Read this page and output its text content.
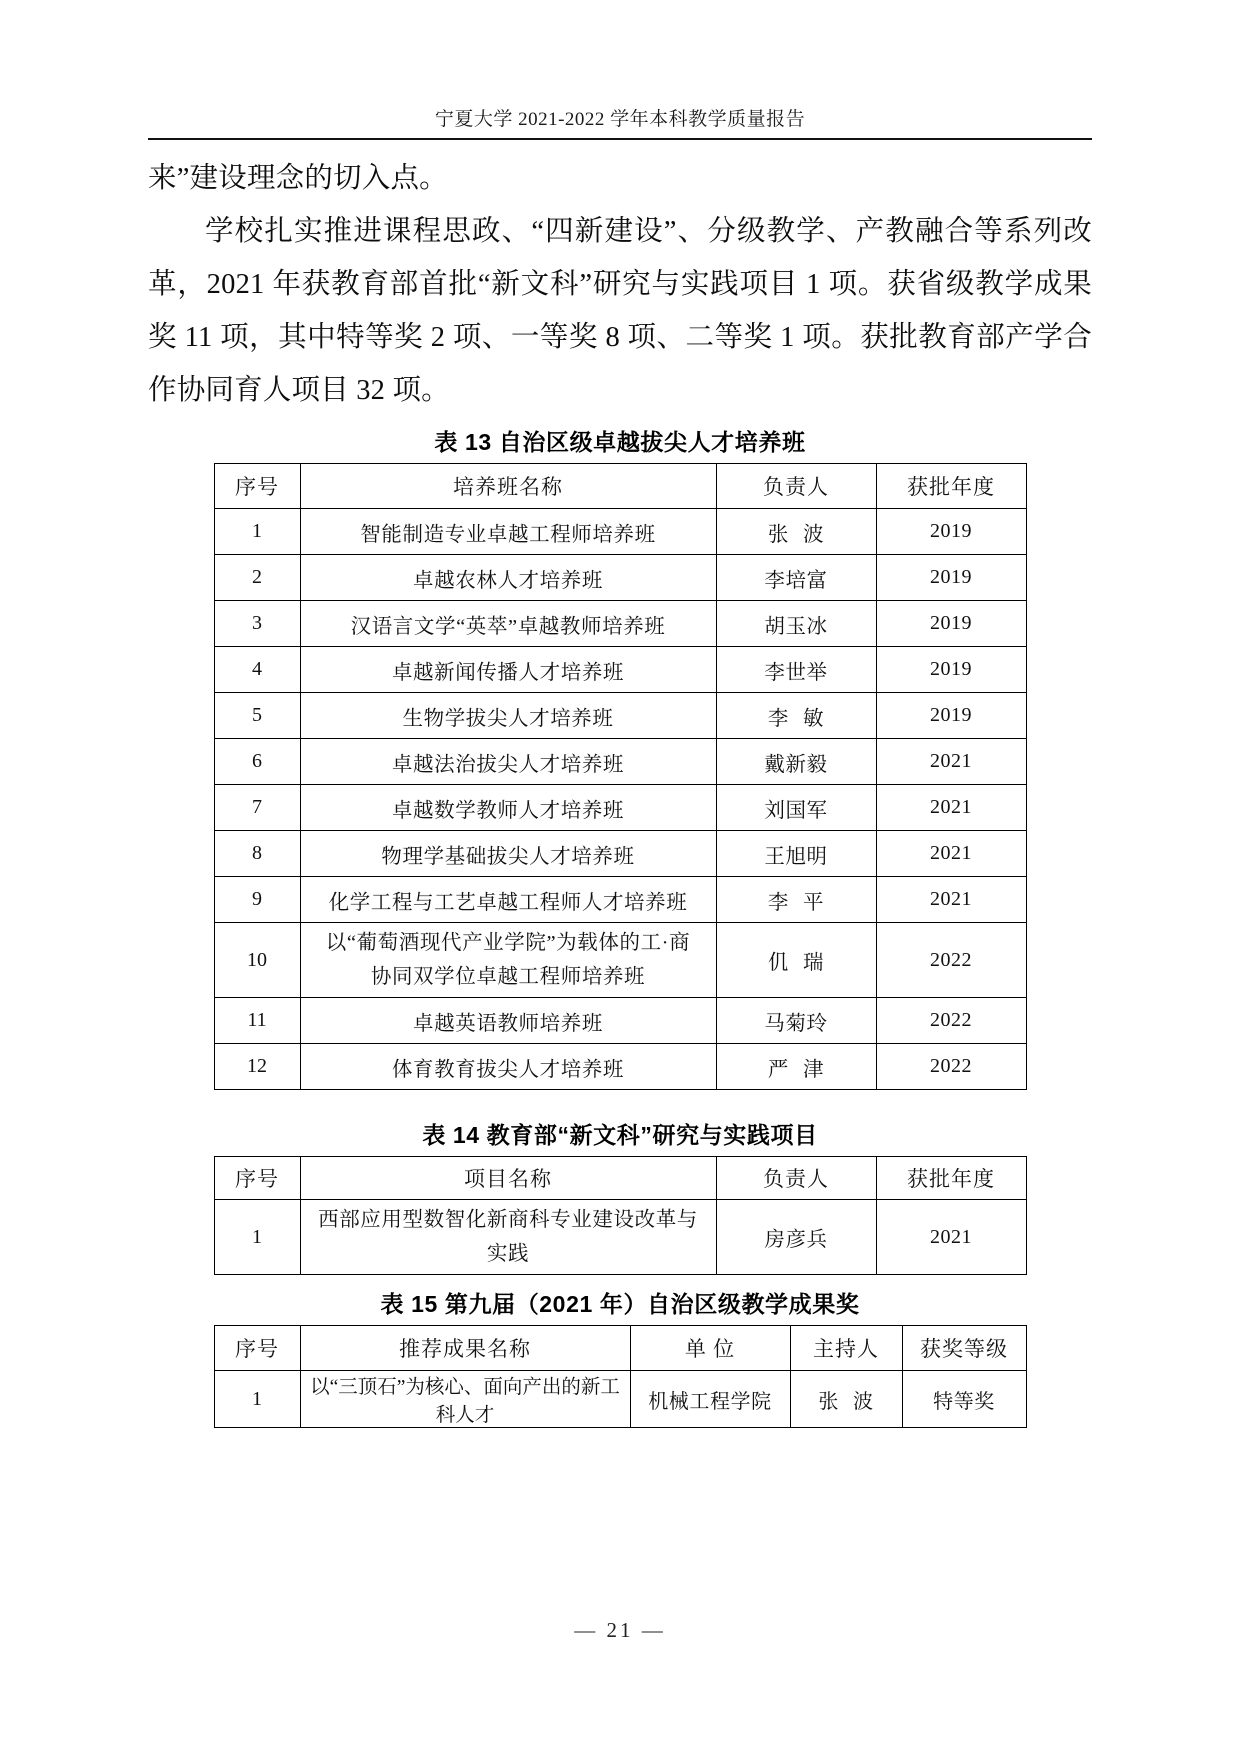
宁夏大学 2021-2022 学年本科教学质量报告

来”建设理念的切入点。

学校扎实推进课程思政、“四新建设”、分级教学、产教融合等系列改革，2021 年获教育部首批“新文科”研究与实践项目 1 项。获省级教学成果奖 11 项，其中特等奖 2 项、一等奖 8 项、二等奖 1 项。获批教育部产学合作协同育人项目 32 项。

表 13 自治区级卓越拔尖人才培养班
序号	培养班名称	负责人	获批年度
1	智能制造专业卓越工程师培养班	张 波	2019
2	卓越农林人才培养班	李培富	2019
3	汉语言文学“英萃”卓越教师培养班	胡玉冰	2019
4	卓越新闻传播人才培养班	李世举	2019
5	生物学拔尖人才培养班	李 敏	2019
6	卓越法治拔尖人才培养班	戴新毅	2021
7	卓越数学教师人才培养班	刘国军	2021
8	物理学基础拔尖人才培养班	王旭明	2021
9	化学工程与工艺卓越工程师人才培养班	李 平	2021
10	以“葡萄酒现代产业学院”为载体的工·商
协同双学位卓越工程师培养班	仉 瑞	2022
11	卓越英语教师培养班	马菊玲	2022
12	体育教育拔尖人才培养班	严 津	2022
表 14 教育部“新文科”研究与实践项目
序号	项目名称	负责人	获批年度
1	西部应用型数智化新商科专业建设改革与
实践	房彦兵	2021
表 15 第九届（2021 年）自治区级教学成果奖
序号	推荐成果名称	单 位	主持人	获奖等级
1	以“三顶石”为核心、面向产出的新工科人才	机械工程学院	张 波	特等奖
— 21 —
